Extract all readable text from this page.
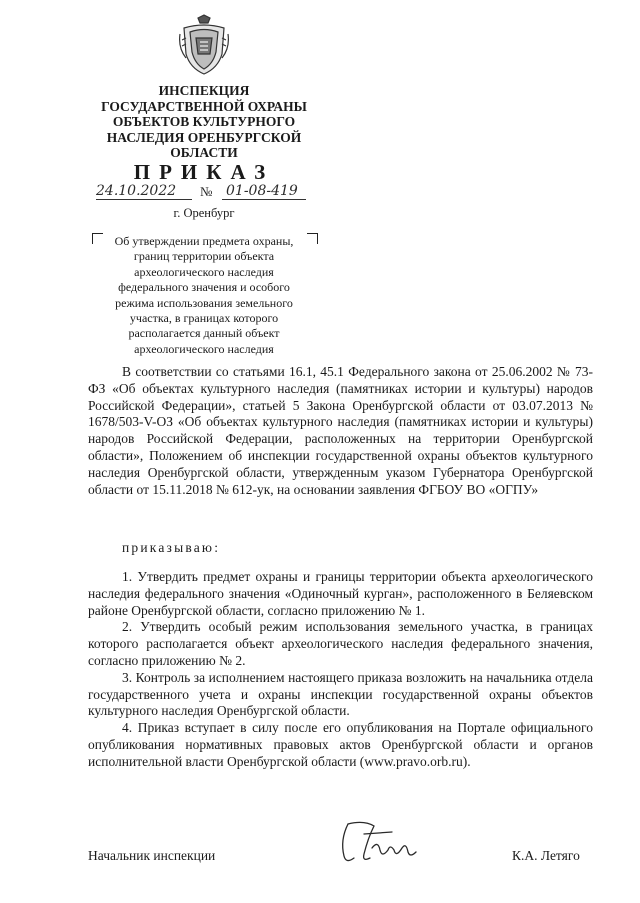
ИНСПЕКЦИЯ
ГОСУДАРСТВЕННОЙ ОХРАНЫ
ОБЪЕКТОВ КУЛЬТУРНОГО
НАСЛЕДИЯ ОРЕНБУРГСКОЙ
ОБЛАСТИ
ПРИКАЗ
24.10.2022	№ 01-08-419
г. Оренбург
Об утверждении предмета охраны,
границ территории объекта
археологического наследия
федерального значения и особого
режима использования земельного
участка, в границах которого
располагается данный объект
археологического наследия
В соответствии со статьями 16.1, 45.1 Федерального закона от 25.06.2002 № 73-ФЗ «Об объектах культурного наследия (памятниках истории и культуры) народов Российской Федерации», статьей 5 Закона Оренбургской области от 03.07.2013 № 1678/503-V-ОЗ «Об объектах культурного наследия (памятниках истории и культуры) народов Российской Федерации, расположенных на территории Оренбургской области», Положением об инспекции государственной охраны объектов культурного наследия Оренбургской области, утвержденным указом Губернатора Оренбургской области от 15.11.2018 № 612-ук, на основании заявления ФГБОУ ВО «ОГПУ»
приказываю:
1. Утвердить предмет охраны и границы территории объекта археологического наследия федерального значения «Одиночный курган», расположенного в Беляевском районе Оренбургской области, согласно приложению № 1.
2. Утвердить особый режим использования земельного участка, в границах которого располагается объект археологического наследия федерального значения, согласно приложению № 2.
3. Контроль за исполнением настоящего приказа возложить на начальника отдела государственного учета и охраны инспекции государственной охраны объектов культурного наследия Оренбургской области.
4. Приказ вступает в силу после его опубликования на Портале официального опубликования нормативных правовых актов Оренбургской области и органов исполнительной власти Оренбургской области (www.pravo.orb.ru).
Начальник инспекции	К.А. Летяго
